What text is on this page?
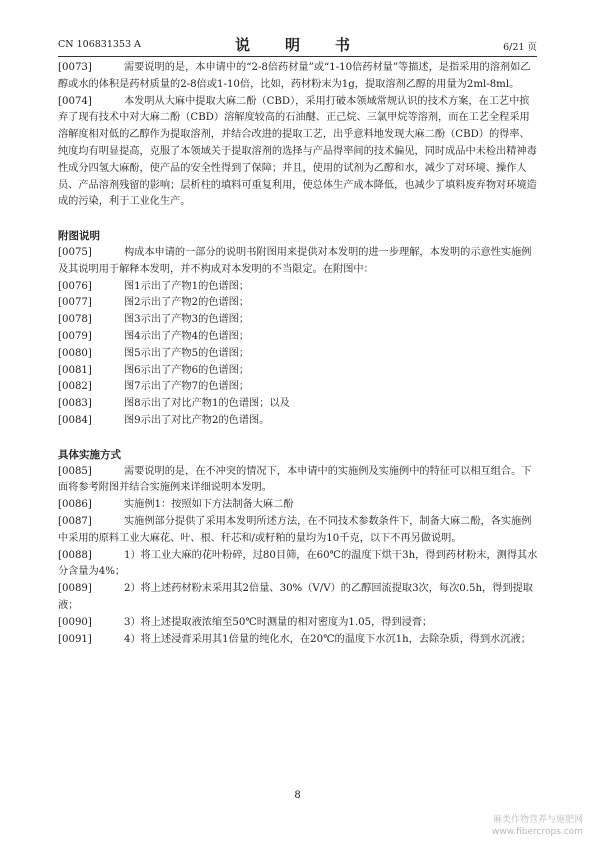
CN 106831353 A	说　明　书	6/21 页
[0073]	需要说明的是，本申请中的“2-8倍药材量”或“1-10倍药材量”等描述，是指采用的溶剂如乙醇或水的体积是药材质量的2-8倍或1-10倍，比如，药材粉末为1g，提取溶剂乙醇的用量为2ml-8ml。
[0074]	本发明从大麻中提取大麻二酚（CBD），采用打破本领域常规认识的技术方案，在工艺中摈弃了现有技术中对大麻二酚（CBD）溶解度较高的石油醚、正己烷、三氯甲烷等溶剂，而在工艺全程采用溶解度相对低的乙醇作为提取溶剂，并结合改进的提取工艺，出乎意料地发现大麻二酚（CBD）的得率、纯度均有明显提高，克服了本领域关于提取溶剂的选择与产品得率间的技术偏见，同时成品中未检出精神毒性成分四氢大麻酚，使产品的安全性得到了保障；并且，使用的试剂为乙醇和水，减少了对环境、操作人员、产品溶剂残留的影响；层析柱的填料可重复利用，使总体生产成本降低，也减少了填料废弃物对环境造成的污染，利于工业化生产。
附图说明
[0075]	构成本申请的一部分的说明书附图用来提供对本发明的进一步理解，本发明的示意性实施例及其说明用于解释本发明，并不构成对本发明的不当限定。在附图中：
[0076]	图1示出了产物1的色谱图；
[0077]	图2示出了产物2的色谱图；
[0078]	图3示出了产物3的色谱图；
[0079]	图4示出了产物4的色谱图；
[0080]	图5示出了产物5的色谱图；
[0081]	图6示出了产物6的色谱图；
[0082]	图7示出了产物7的色谱图；
[0083]	图8示出了对比产物1的色谱图；以及
[0084]	图9示出了对比产物2的色谱图。
具体实施方式
[0085]	需要说明的是，在不冲突的情况下，本申请中的实施例及实施例中的特征可以相互组合。下面将参考附图并结合实施例来详细说明本发明。
[0086]	实施例1：按照如下方法制备大麻二酚
[0087]	实施例部分提供了采用本发明所述方法，在不同技术参数条件下，制备大麻二酚，各实施例中采用的原料工业大麻花、叶、根、秆芯和/或籽粕的量均为10千克，以下不再另做说明。
[0088]	1）将工业大麻的花叶粉碎，过80目筛，在60℃的温度下烘干3h，得到药材粉末，测得其水分含量为4%；
[0089]	2）将上述药材粉末采用其2倍量、30%（V/V）的乙醇回流提取3次，每次0.5h，得到提取液；
[0090]	3）将上述提取液浓缩至50℃时测量的相对密度为1.05，得到浸膏；
[0091]	4）将上述浸膏采用其1倍量的纯化水，在20℃的温度下水沉1h，去除杂质，得到水沉液；
8
麻类作物营养与施肥网
www.fibercrops.com
